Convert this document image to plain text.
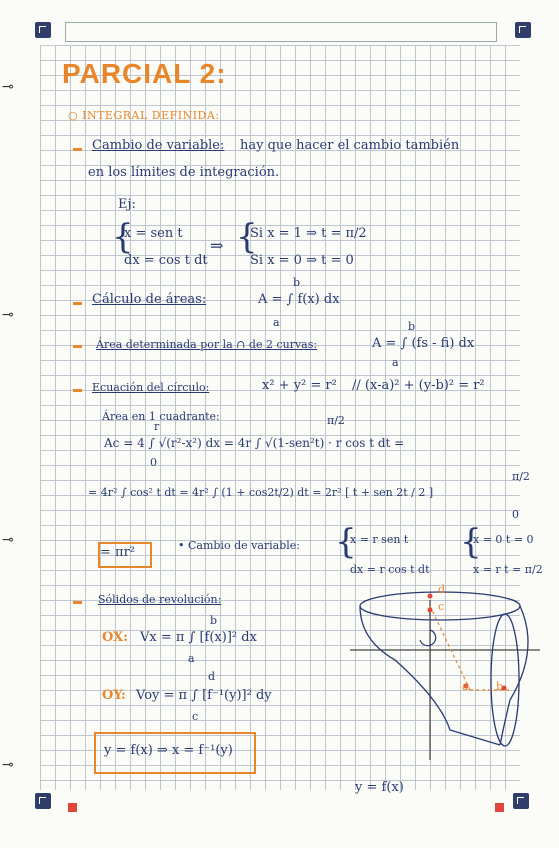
⊸
⊸
⊸
⊸
PARCIAL 2:
○ INTEGRAL DEFINIDA:
Cambio de variable: hay que hacer el cambio también
en los límites de integración.
Ej:
{
x = sen t
dx = cos t dt
⇒ {
Si x = 1 ⇒ t = π/2
Si x = 0 ⇒ t = 0
Cálculo de áreas:	A = ∫ f(x) dx
b
a
Área determinada por la ∩ de 2 curvas:	A = ∫ (fs - fi) dx
b
a
Ecuación del círculo:	x² + y² = r² // (x-a)² + (y-b)² = r²
Área en 1 cuadrante:
Ac = 4 ∫ √(r²-x²) dx = 4r ∫ √(1-sen²t) · r cos t dt =
r
0
π/2
= 4r² ∫ cos² t dt = 4r² ∫ (1 + cos2t/2) dt = 2r² [ t + sen 2t / 2 ]
π/2
0
= πr²	• Cambio de variable: {
x = r sen t
dx = r cos t dt
{
x = 0 t = 0
x = r t = π/2
Sólidos de revolución:
OX: Vx = π ∫ [f(x)]² dx
b
a
OY: Voy = π ∫ [f⁻¹(y)]² dy
d
c
y = f(x) ⇒ x = f⁻¹(y)
d
c
a b
y = f(x)
